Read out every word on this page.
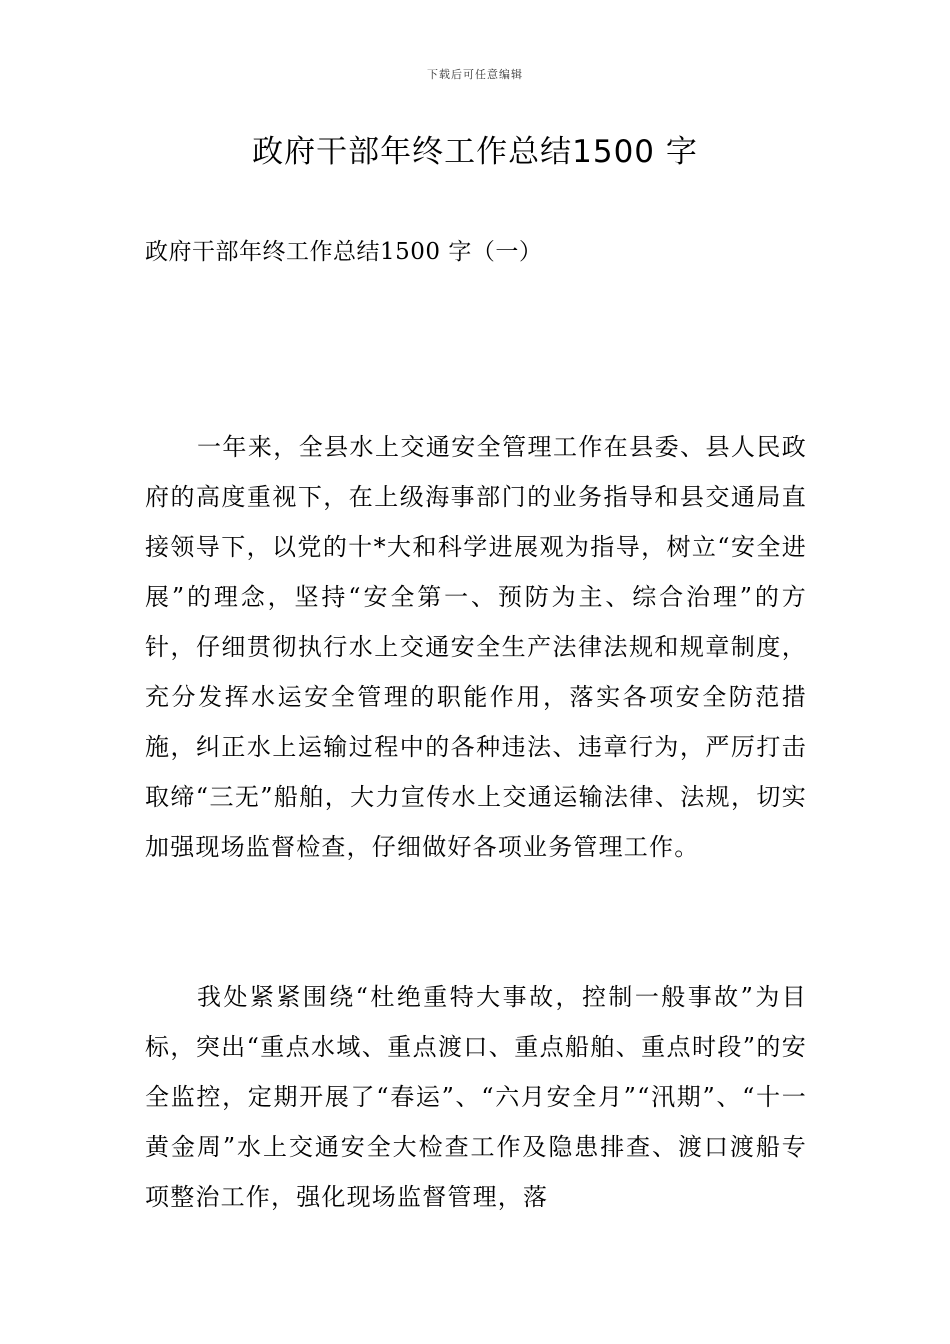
下载后可任意编辑
政府干部年终工作总结1500 字
政府干部年终工作总结1500 字（一）

一年来，全县水上交通安全管理工作在县委、县人民政府的高度重视下，在上级海事部门的业务指导和县交通局直接领导下，以党的十*大和科学进展观为指导，树立“安全进展”的理念，坚持“安全第一、预防为主、综合治理”的方针，仔细贯彻执行水上交通安全生产法律法规和规章制度，充分发挥水运安全管理的职能作用，落实各项安全防范措施，纠正水上运输过程中的各种违法、违章行为，严厉打击取缔“三无”船舶，大力宣传水上交通运输法律、法规，切实加强现场监督检查，仔细做好各项业务管理工作。

我处紧紧围绕“杜绝重特大事故，控制一般事故”为目标，突出“重点水域、重点渡口、重点船舶、重点时段”的安全监控，定期开展了“春运”、“六月安全月”“汛期”、“十一黄金周”水上交通安全大检查工作及隐患排查、渡口渡船专项整治工作，强化现场监督管理，落
